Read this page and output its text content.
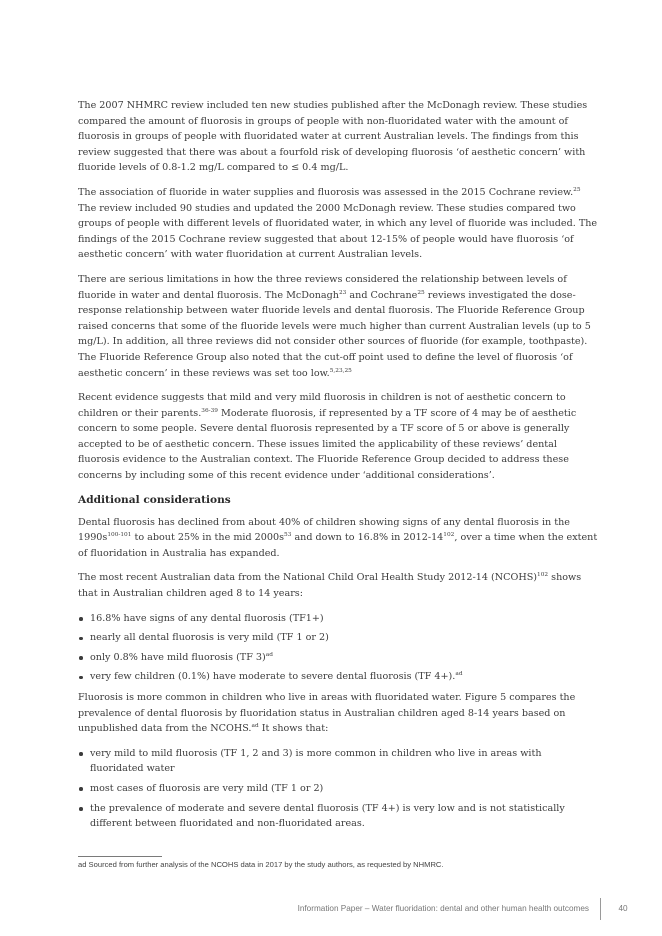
The 2007 NHMRC review included ten new studies published after the McDonagh review. These studies compared the amount of fluorosis in groups of people with non-fluoridated water with the amount of fluorosis in groups of people with fluoridated water at current Australian levels. The findings from this review suggested that there was about a fourfold risk of developing fluorosis ‘of aesthetic concern’ with fluoride levels of 0.8-1.2 mg/L compared to ≤ 0.4 mg/L.

The association of fluoride in water supplies and fluorosis was assessed in the 2015 Cochrane review.$^{25}$ The review included 90 studies and updated the 2000 McDonagh review. These studies compared two groups of people with different levels of fluoridated water, in which any level of fluoride was included. The findings of the 2015 Cochrane review suggested that about 12-15% of people would have fluorosis ‘of aesthetic concern’ with water fluoridation at current Australian levels.

There are serious limitations in how the three reviews considered the relationship between levels of fluoride in water and dental fluorosis. The McDonagh$^{23}$ and Cochrane$^{25}$ reviews investigated the dose-response relationship between water fluoride levels and dental fluorosis. The Fluoride Reference Group raised concerns that some of the fluoride levels were much higher than current Australian levels (up to 5 mg/L). In addition, all three reviews did not consider other sources of fluoride (for example, toothpaste). The Fluoride Reference Group also noted that the cut-off point used to define the level of fluorosis ‘of aesthetic concern’ in these reviews was set too low.$^{5,23,25}$

Recent evidence suggests that mild and very mild fluorosis in children is not of aesthetic concern to children or their parents.$^{36-39}$ Moderate fluorosis, if represented by a TF score of 4 may be of aesthetic concern to some people. Severe dental fluorosis represented by a TF score of 5 or above is generally accepted to be of aesthetic concern. These issues limited the applicability of these reviews’ dental fluorosis evidence to the Australian context. The Fluoride Reference Group decided to address these concerns by including some of this recent evidence under ‘additional considerations’.

Additional considerations

Dental fluorosis has declined from about 40% of children showing signs of any dental fluorosis in the $1990s^{100-101}$ to about 25% in the mid $2000s^{53}$ and down to 16.8% in $2012-14^{102}$, over a time when the extent of fluoridation in Australia has expanded.

The most recent Australian data from the National Child Oral Health Study 2012-14 (NCOHS)$^{102}$ shows that in Australian children aged 8 to 14 years:

16.8% have signs of any dental fluorosis (TF1+)
nearly all dental fluorosis is very mild (TF 1 or 2)
only 0.8% have mild fluorosis (TF 3)$^{ad}$
very few children (0.1%) have moderate to severe dental fluorosis (TF 4+).$^{ad}$

Fluorosis is more common in children who live in areas with fluoridated water. Figure 5 compares the prevalence of dental fluorosis by fluoridation status in Australian children aged 8-14 years based on unpublished data from the NCOHS.$^{ad}$ It shows that:

very mild to mild fluorosis (TF 1, 2 and 3) is more common in children who live in areas with fluoridated water
most cases of fluorosis are very mild (TF 1 or 2)
the prevalence of moderate and severe dental fluorosis (TF 4+) is very low and is not statistically different between fluoridated and non-fluoridated areas.
ad Sourced from further analysis of the NCOHS data in 2017 by the study authors, as requested by NHMRC.
Information Paper – Water fluoridation: dental and other human health outcomes	40
